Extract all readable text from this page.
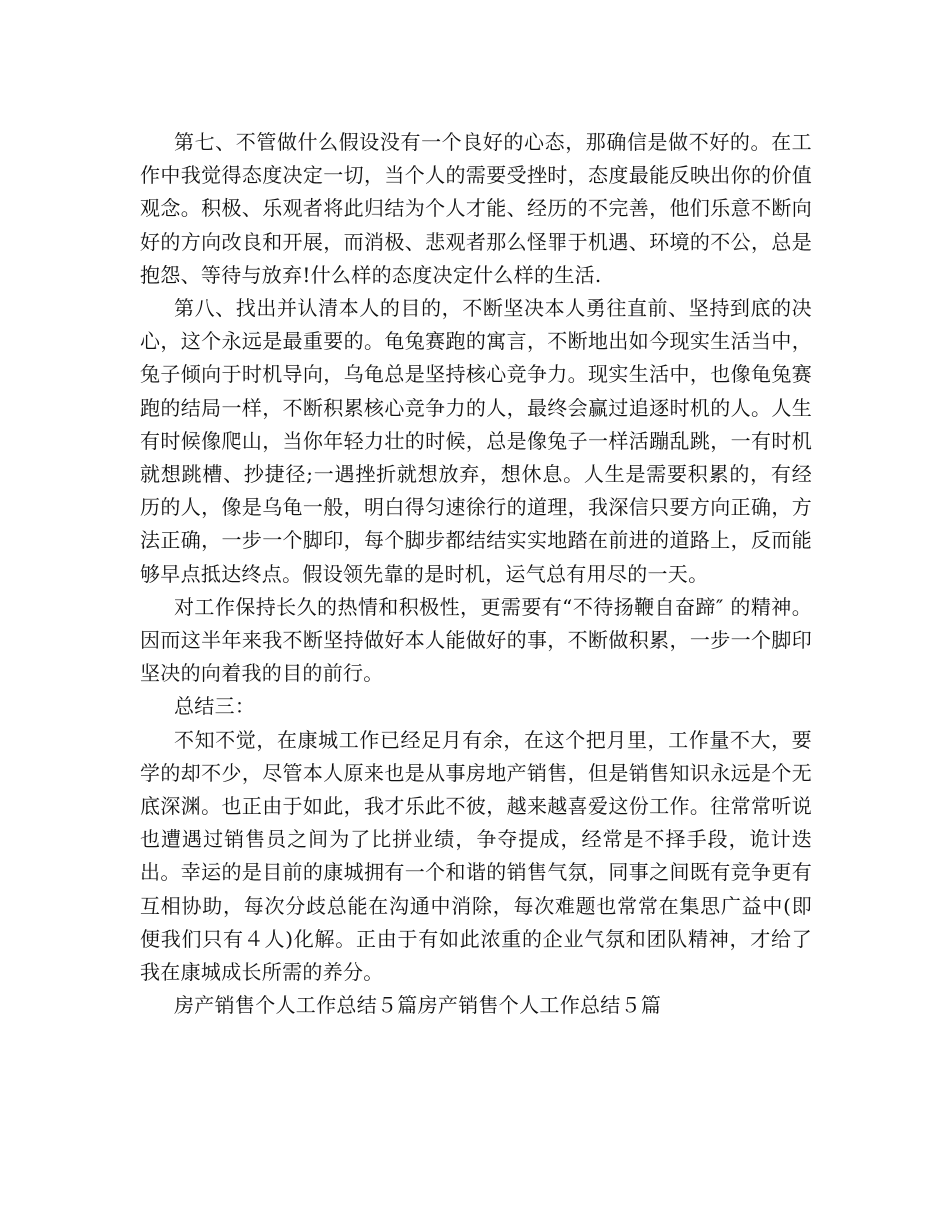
第七、不管做什么假设没有一个良好的心态，那确信是做不好的。在工作中我觉得态度决定一切，当个人的需要受挫时，态度最能反映出你的价值观念。积极、乐观者将此归结为个人才能、经历的不完善，他们乐意不断向好的方向改良和开展，而消极、悲观者那么怪罪于机遇、环境的不公，总是抱怨、等待与放弃!什么样的态度决定什么样的生活.

第八、找出并认清本人的目的，不断坚决本人勇往直前、坚持到底的决心，这个永远是最重要的。龟兔赛跑的寓言，不断地出如今现实生活当中，兔子倾向于时机导向，乌龟总是坚持核心竞争力。现实生活中，也像龟兔赛跑的结局一样，不断积累核心竞争力的人，最终会赢过追逐时机的人。人生有时候像爬山，当你年轻力壮的时候，总是像兔子一样活蹦乱跳，一有时机就想跳槽、抄捷径;一遇挫折就想放弃，想休息。人生是需要积累的，有经历的人，像是乌龟一般，明白得匀速徐行的道理，我深信只要方向正确，方法正确，一步一个脚印，每个脚步都结结实实地踏在前进的道路上，反而能够早点抵达终点。假设领先靠的是时机，运气总有用尽的一天。

对工作保持长久的热情和积极性，更需要有“不待扬鞭自奋蹄″ 的精神。因而这半年来我不断坚持做好本人能做好的事，不断做积累，一步一个脚印坚决的向着我的目的前行。

总结三：

不知不觉，在康城工作已经足月有余，在这个把月里，工作量不大，要学的却不少，尽管本人原来也是从事房地产销售，但是销售知识永远是个无底深渊。也正由于如此，我才乐此不彼，越来越喜爱这份工作。往常常听说也遭遇过销售员之间为了比拼业绩，争夺提成，经常是不择手段，诡计迭出。幸运的是目前的康城拥有一个和谐的销售气氛，同事之间既有竞争更有互相协助，每次分歧总能在沟通中消除，每次难题也常常在集思广益中(即便我们只有４人)化解。正由于有如此浓重的企业气氛和团队精神，才给了我在康城成长所需的养分。

房产销售个人工作总结５篇房产销售个人工作总结５篇
